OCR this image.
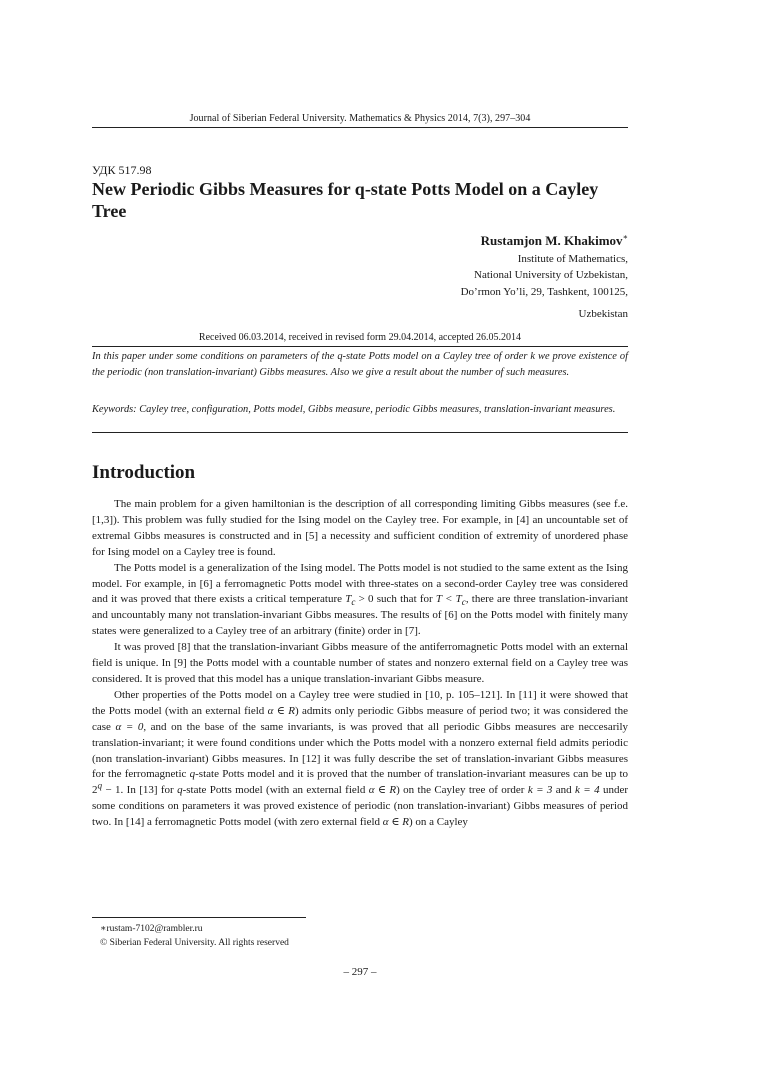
Journal of Siberian Federal University. Mathematics & Physics 2014, 7(3), 297–304
УДК 517.98
New Periodic Gibbs Measures for q-state Potts Model on a Cayley Tree
Rustamjon M. Khakimov∗
Institute of Mathematics,
National University of Uzbekistan,
Do’rmon Yo’li, 29, Tashkent, 100125,
Uzbekistan
Received 06.03.2014, received in revised form 29.04.2014, accepted 26.05.2014

In this paper under some conditions on parameters of the q-state Potts model on a Cayley tree of order k we prove existence of the periodic (non translation-invariant) Gibbs measures. Also we give a result about the number of such measures.

Keywords: Cayley tree, configuration, Potts model, Gibbs measure, periodic Gibbs measures, translation-invariant measures.

Introduction

The main problem for a given hamiltonian is the description of all corresponding limiting Gibbs measures (see f.e. [1,3]). This problem was fully studied for the Ising model on the Cayley tree. For example, in [4] an uncountable set of extremal Gibbs measures is constructed and in [5] a necessity and sufficient condition of extremity of unordered phase for Ising model on a Cayley tree is found.

The Potts model is a generalization of the Ising model. The Potts model is not studied to the same extent as the Ising model. For example, in [6] a ferromagnetic Potts model with three-states on a second-order Cayley tree was considered and it was proved that there exists a critical temperature $T_c > 0$ such that for $T < T_c$, there are three translation-invariant and uncountably many not translation-invariant Gibbs measures. The results of [6] on the Potts model with finitely many states were generalized to a Cayley tree of an arbitrary (finite) order in [7].

It was proved [8] that the translation-invariant Gibbs measure of the antiferromagnetic Potts model with an external field is unique. In [9] the Potts model with a countable number of states and nonzero external field on a Cayley tree was considered. It is proved that this model has a unique translation-invariant Gibbs measure.

Other properties of the Potts model on a Cayley tree were studied in [10, p. 105–121]. In [11] it were showed that the Potts model (with an external field α ∈ R) admits only periodic Gibbs measure of period two; it was considered the case α = 0, and on the base of the same invariants, is was proved that all periodic Gibbs measures are neccesarily translation-invariant; it were found conditions under which the Potts model with a nonzero external field admits periodic (non translation-invariant) Gibbs measures. In [12] it was fully describe the set of translation-invariant Gibbs measures for the ferromagnetic q-state Potts model and it is proved that the number of translation-invariant measures can be up to $2^q - 1$. In [13] for q-state Potts model (with an external field α ∈ R) on the Cayley tree of order k = 3 and k = 4 under some conditions on parameters it was proved existence of periodic (non translation-invariant) Gibbs measures of period two. In [14] a ferromagnetic Potts model (with zero external field α ∈ R) on a Cayley

∗rustam-7102@rambler.ru
© Siberian Federal University. All rights reserved
– 297 –
